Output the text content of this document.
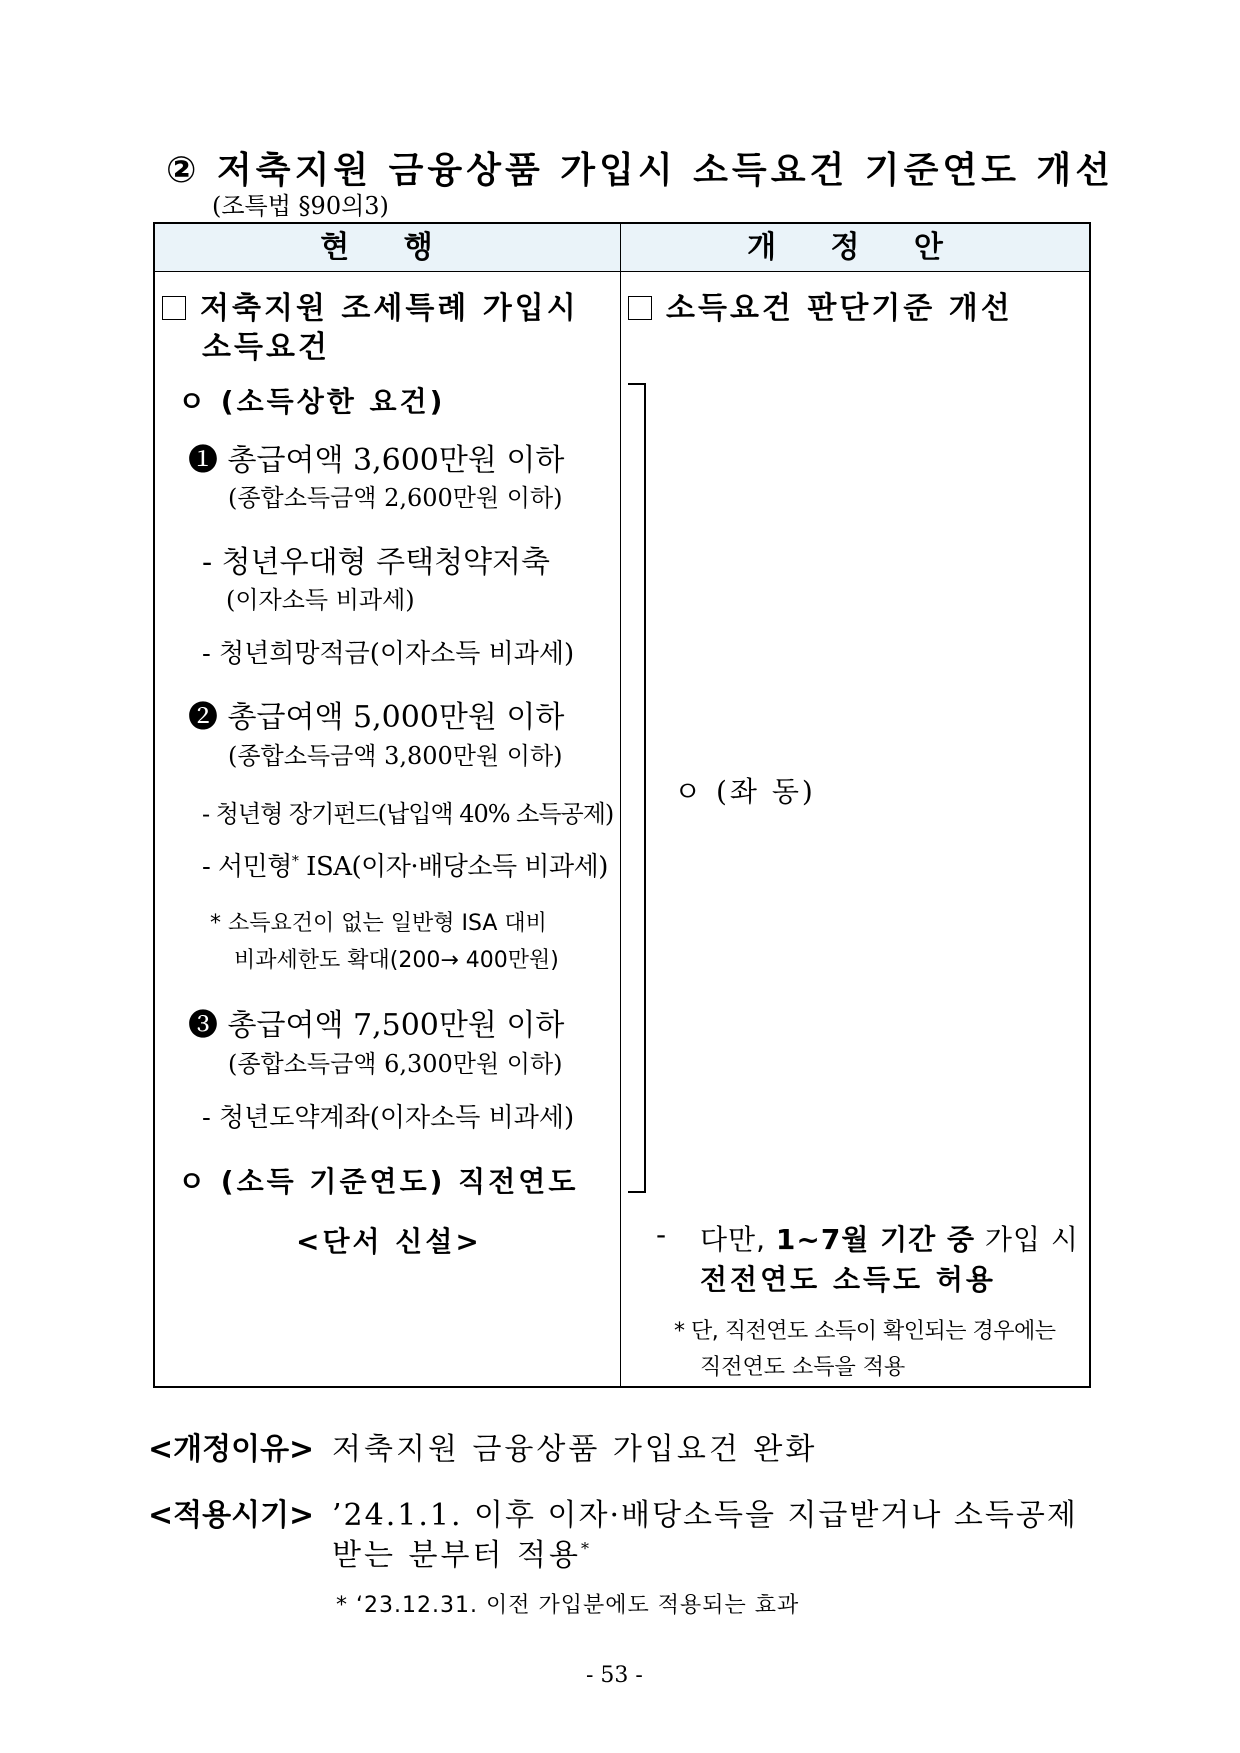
② 저축지원 금융상품 가입시 소득요건 기준연도 개선
(조특법 §90의3)
현 행	개 정 안
저축지원 조세특례 가입시
소득요건
ㅇ (소득상한 요건)
❶ 총급여액 3,600만원 이하
(종합소득금액 2,600만원 이하)
- 청년우대형 주택청약저축
(이자소득 비과세)
- 청년희망적금(이자소득 비과세)
❷ 총급여액 5,000만원 이하
(종합소득금액 3,800만원 이하)
- 청년형 장기펀드(납입액 40% 소득공제)
- 서민형* ISA(이자·배당소득 비과세)
* 소득요건이 없는 일반형 ISA 대비
비과세한도 확대(200→ 400만원)
❸ 총급여액 7,500만원 이하
(종합소득금액 6,300만원 이하)
- 청년도약계좌(이자소득 비과세)
ㅇ (소득 기준연도) 직전연도
<단서 신설>
소득요건 판단기준 개선
ㅇ (좌 동)
- 다만, 1~7월 기간 중 가입 시
전전연도 소득도 허용
* 단, 직전연도 소득이 확인되는 경우에는
직전연도 소득을 적용
<개정이유> 저축지원 금융상품 가입요건 완화
<적용시기> ’24.1.1. 이후 이자·배당소득을 지급받거나 소득공제
받는 분부터 적용*
* ‘23.12.31. 이전 가입분에도 적용되는 효과
- 53 -
